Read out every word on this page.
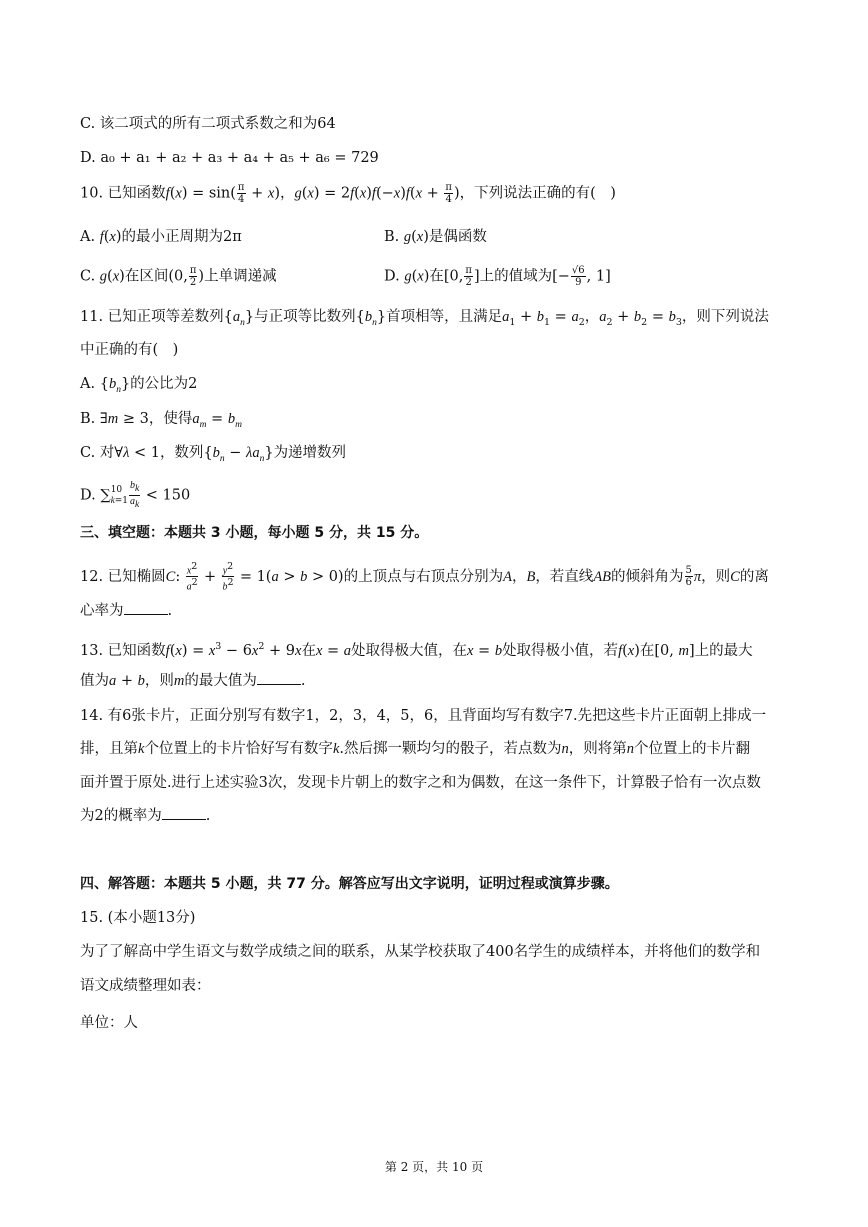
C. 该二项式的所有二项式系数之和为64
D. a₀ + a₁ + a₂ + a₃ + a₄ + a₅ + a₆ = 729
10. 已知函数$f(x) = \sin( \frac{\pi}{4} + x)$，$g(x) = 2f(x)f(-x)f(x + \frac{\pi}{4}$ )，下列说法正确的有(　)
A. f(x)的最小正周期为2π	B. g(x)是偶函数
C. g(x)在区间(0, $\frac{\pi}{2}$ )上单调递减	D. g(x)在[0, $\frac{\pi}{2}$ ]上的值域为[− $\frac{√6}{9}$ , 1]
11. 已知正项等差数列$\{a_n\}$与正项等比数列$\{b_n\}$首项相等，且满足$a_1 + b_1 = a_2$，$a_2 + b_2 = b_3$，则下列说法
中正确的有(　)
A. $\{b_n\}$的公比为2
B. ∃m ≥ 3，使得$a_m = b_m$
C. 对∀λ < 1，数列$\{b_n - \lambda a_n\}$为递增数列
D. ∑ 10
$k=1 \frac{b_k}{a_k} < 150$
三、填空题：本题共 3 小题，每小题 5 分，共 15 分。
12. 已知椭圆C: $\frac{x^2}{a^2} + \frac{y^2}{b^2} = 1(a > b > 0)$的上顶点与右顶点分别为A，B，若直线AB的倾斜角为 $\frac{5}{6}$ π，则C的离
心率为	.
13. 已知函数$f(x) = x^3 - 6x^2 + 9x$在x = a处取得极大值，在x = b处取得极小值，若f(x)在[0, m]上的最大
值为a + b，则m的最大值为	.
14. 有6张卡片，正面分别写有数字1，2，3，4，5，6，且背面均写有数字7.先把这些卡片正面朝上排成一
排，且第k个位置上的卡片恰好写有数字k.然后掷一颗均匀的骰子，若点数为n，则将第n个位置上的卡片翻
面并置于原处.进行上述实验3次，发现卡片朝上的数字之和为偶数，在这一条件下，计算骰子恰有一次点数
为2的概率为	.
四、解答题：本题共 5 小题，共 77 分。解答应写出文字说明，证明过程或演算步骤。
15. (本小题13分)
为了了解高中学生语文与数学成绩之间的联系，从某学校获取了400名学生的成绩样本，并将他们的数学和
语文成绩整理如表：
单位：人
第 2 页，共 10 页
